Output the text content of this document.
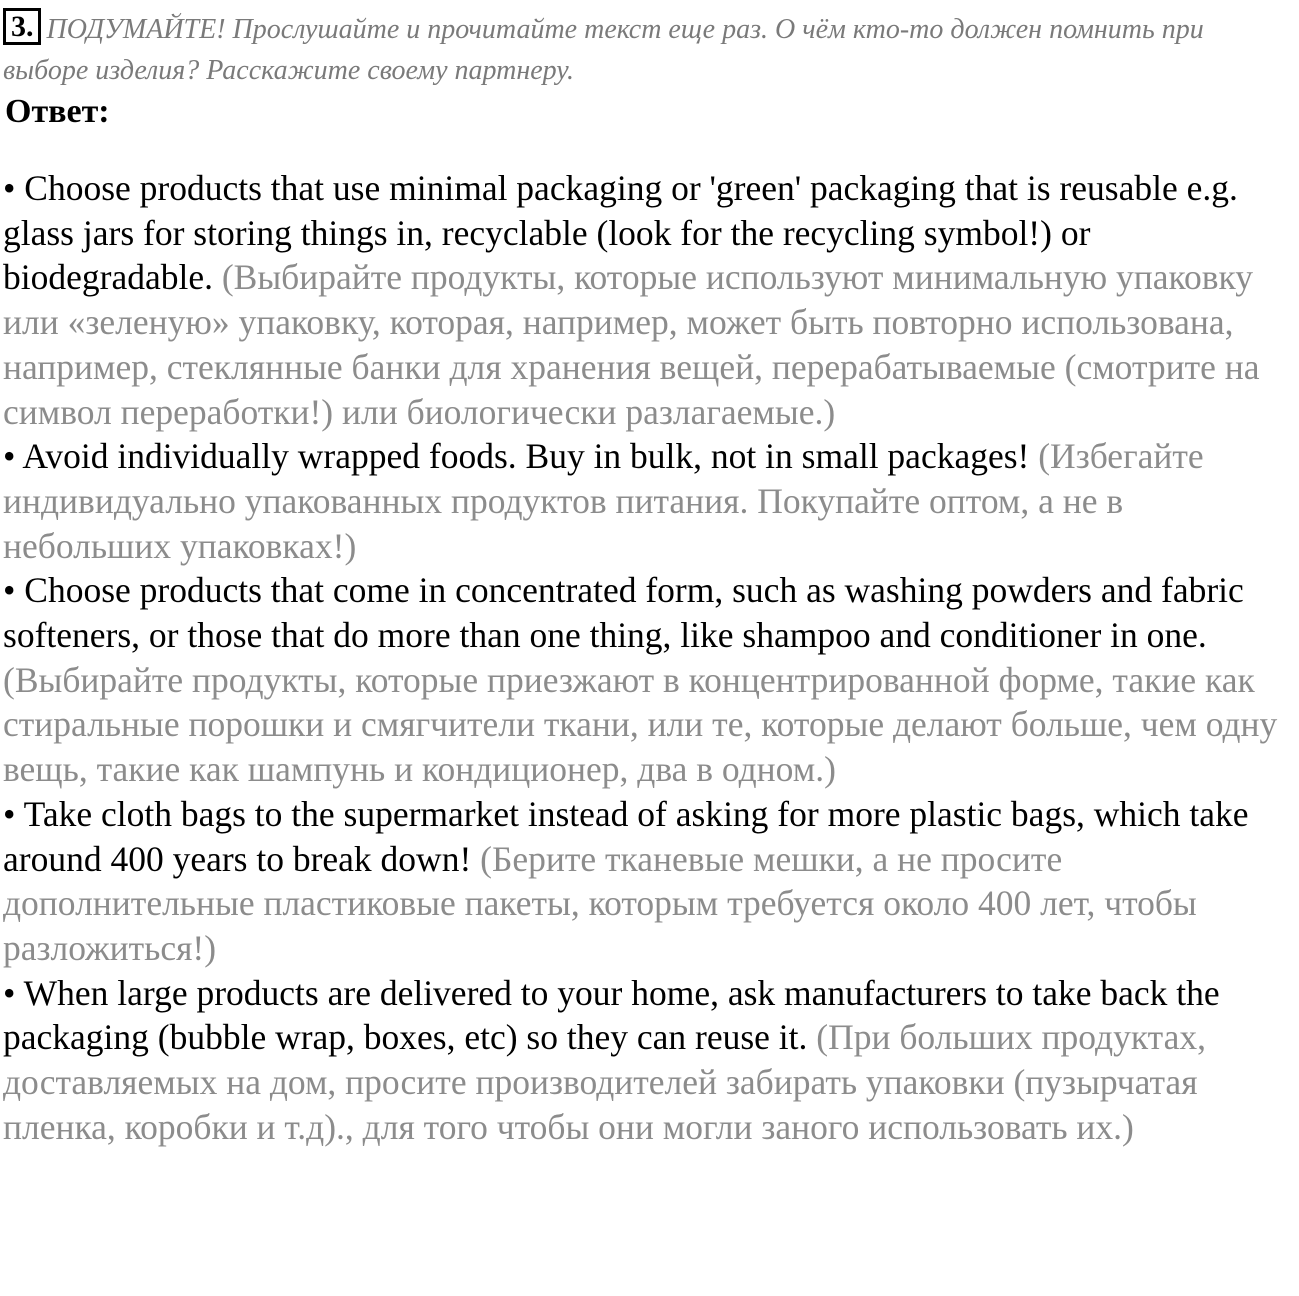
3. ПОДУМАЙТЕ! Прослушайте и прочитайте текст еще раз. О чём кто-то должен помнить при выборе изделия? Расскажите своему партнеру.
Ответ:

• Choose products that use minimal packaging or 'green' packaging that is reusable e.g. glass jars for storing things in, recyclable (look for the recycling symbol!) or biodegradable. (Выбирайте продукты, которые используют минимальную упаковку или «зеленую» упаковку, которая, например, может быть повторно использована, например, стеклянные банки для хранения вещей, перерабатываемые (смотрите на символ переработки!) или биологически разлагаемые.)

• Avoid individually wrapped foods. Buy in bulk, not in small packages! (Избегайте индивидуально упакованных продуктов питания. Покупайте оптом, а не в небольших упаковках!)

• Choose products that come in concentrated form, such as washing powders and fabric softeners, or those that do more than one thing, like shampoo and conditioner in one. (Выбирайте продукты, которые приезжают в концентрированной форме, такие как стиральные порошки и смягчители ткани, или те, которые делают больше, чем одну вещь, такие как шампунь и кондиционер, два в одном.)

• Take cloth bags to the supermarket instead of asking for more plastic bags, which take around 400 years to break down! (Берите тканевые мешки, а не просите дополнительные пластиковые пакеты, которым требуется около 400 лет, чтобы разложиться!)

• When large products are delivered to your home, ask manufacturers to take back the packaging (bubble wrap, boxes, etc) so they can reuse it. (При больших продуктах, доставляемых на дом, просите производителей забирать упаковки (пузырчатая пленка, коробки и т.д)., для того чтобы они могли заного использовать их.)
